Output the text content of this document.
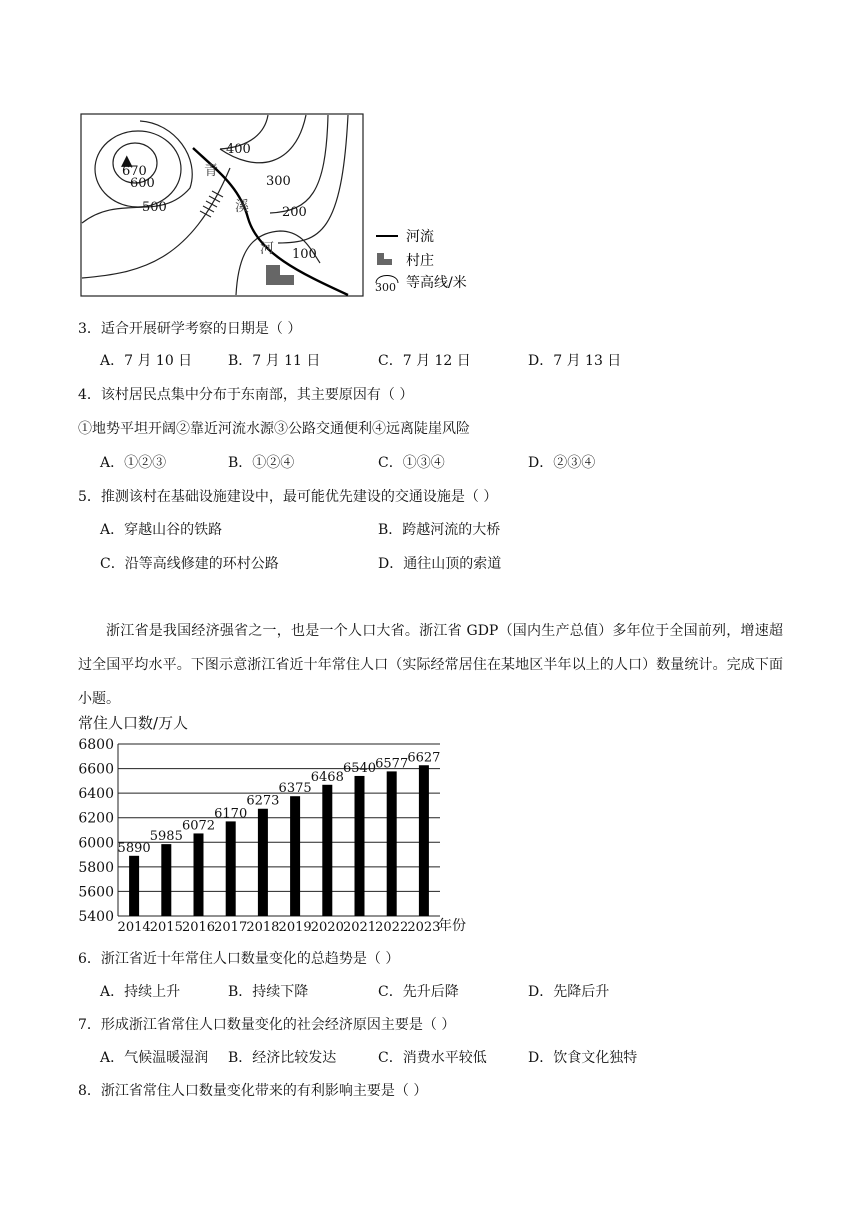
▲
670
600
500
400
300
200
100
青
溪
河
河流
村庄
300 等高线/米
3．适合开展研学考察的日期是（ ）
A．7 月 10 日	B．7 月 11 日	C．7 月 12 日	D．7 月 13 日
4．该村居民点集中分布于东南部，其主要原因有（ ）
①地势平坦开阔②靠近河流水源③公路交通便利④远离陡崖风险
A．①②③	B．①②④	C．①③④	D．②③④
5．推测该村在基础设施建设中，最可能优先建设的交通设施是（ ）
A．穿越山谷的铁路	B．跨越河流的大桥
C．沿等高线修建的环村公路	D．通往山顶的索道
浙江省是我国经济强省之一，也是一个人口大省。浙江省 GDP（国内生产总值）多年位于全国前列，增速超过全国平均水平。下图示意浙江省近十年常住人口（实际经常居住在某地区半年以上的人口）数量统计。完成下面小题。
常住人口数/万人
5400
5600
5800
6000
6200
6400
6600
6800
2014 2015 2016 2017 2018 2019 2020 2021 2022 2023
5890
5985
6072
6170
6273
6375
6468
6540 6577 6627
年份
6．浙江省近十年常住人口数量变化的总趋势是（ ）
A．持续上升	B．持续下降	C．先升后降	D．先降后升
7．形成浙江省常住人口数量变化的社会经济原因主要是（ ）
A．气候温暖湿润 B．经济比较发达	C．消费水平较低	D．饮食文化独特
8．浙江省常住人口数量变化带来的有利影响主要是（ ）
